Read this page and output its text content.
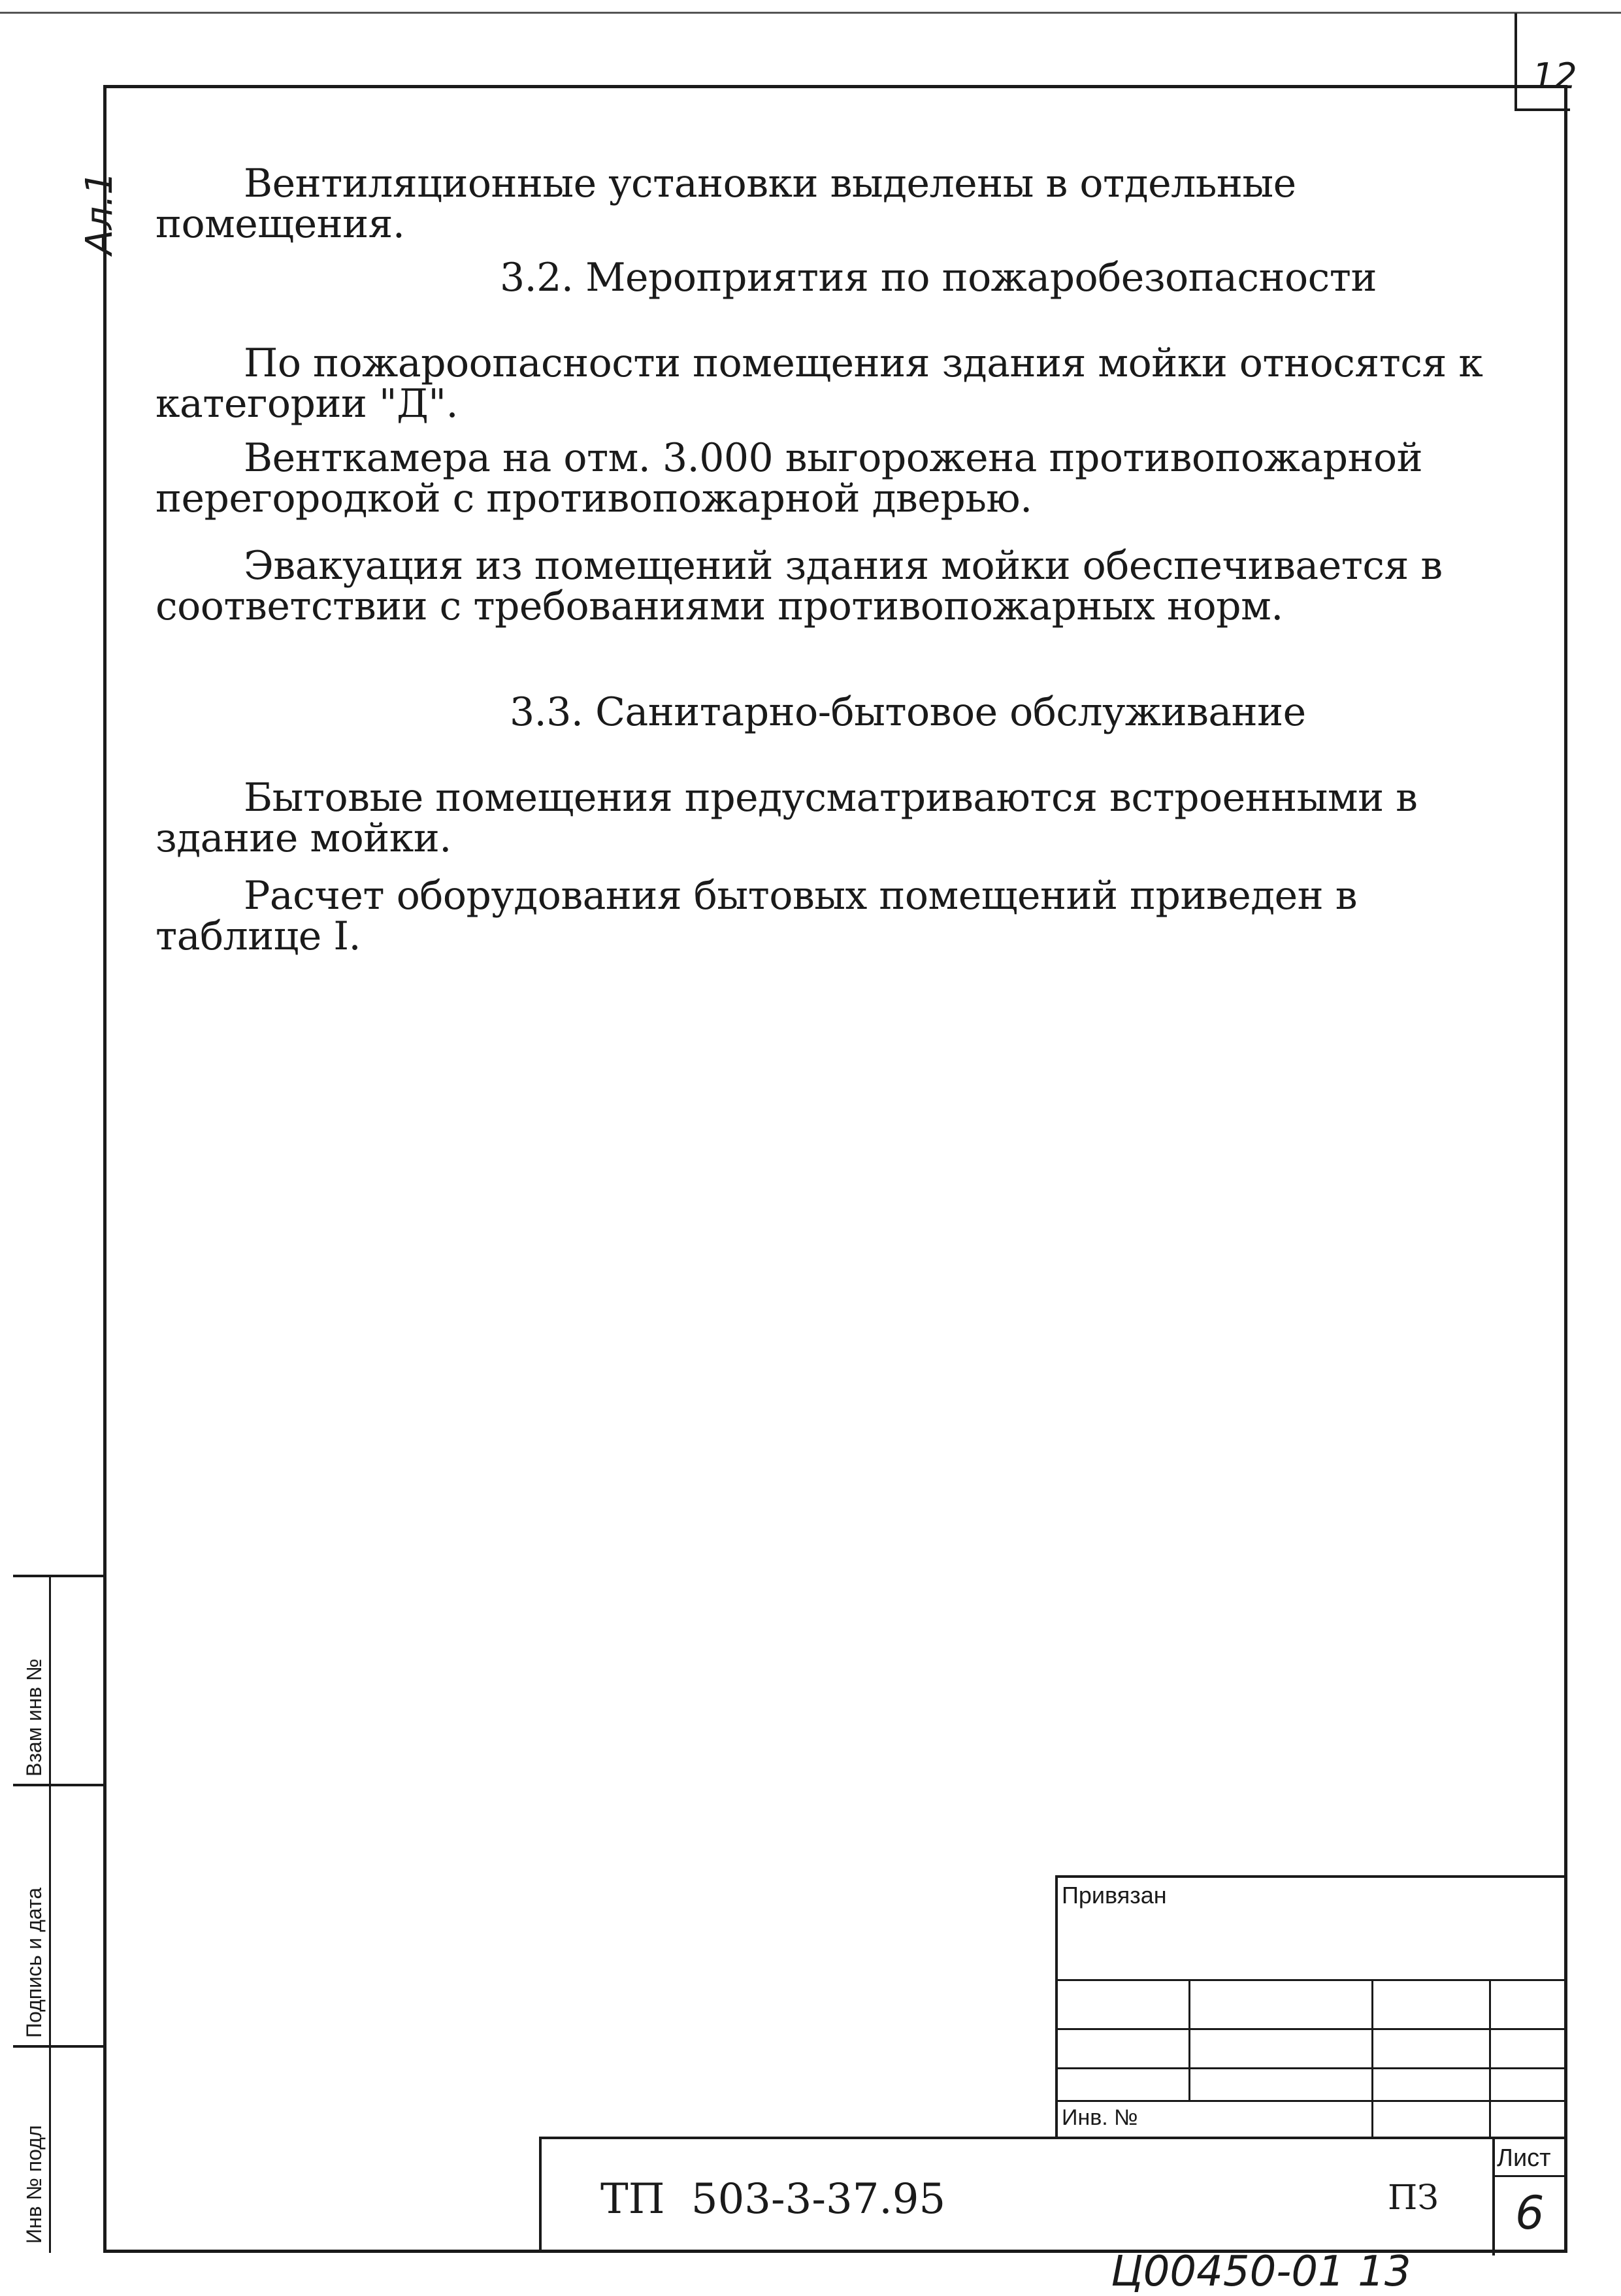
12
Ал.1	Вентиляционные установки выделены в отдельные помещения.
3.2. Мероприятия по пожаробезопасности
По пожароопасности помещения здания мойки относятся к категории "Д".
Венткамера на отм. 3.000 выгорожена противопожарной перегородкой с противопожарной дверью.
Эвакуация из помещений здания мойки обеспечивается в соответствии с требованиями противопожарных норм.
3.3. Санитарно-бытовое обслуживание
Бытовые помещения предусматриваются встроенными в здание мойки.
Расчет оборудования бытовых помещений приведен в таблице I.
Взам инв №
Подпись и дата
Инв № подл
Привязан
Инв. №
ТП 503-3-37.95	ПЗ
Лист
6
Ц00450-01 13
